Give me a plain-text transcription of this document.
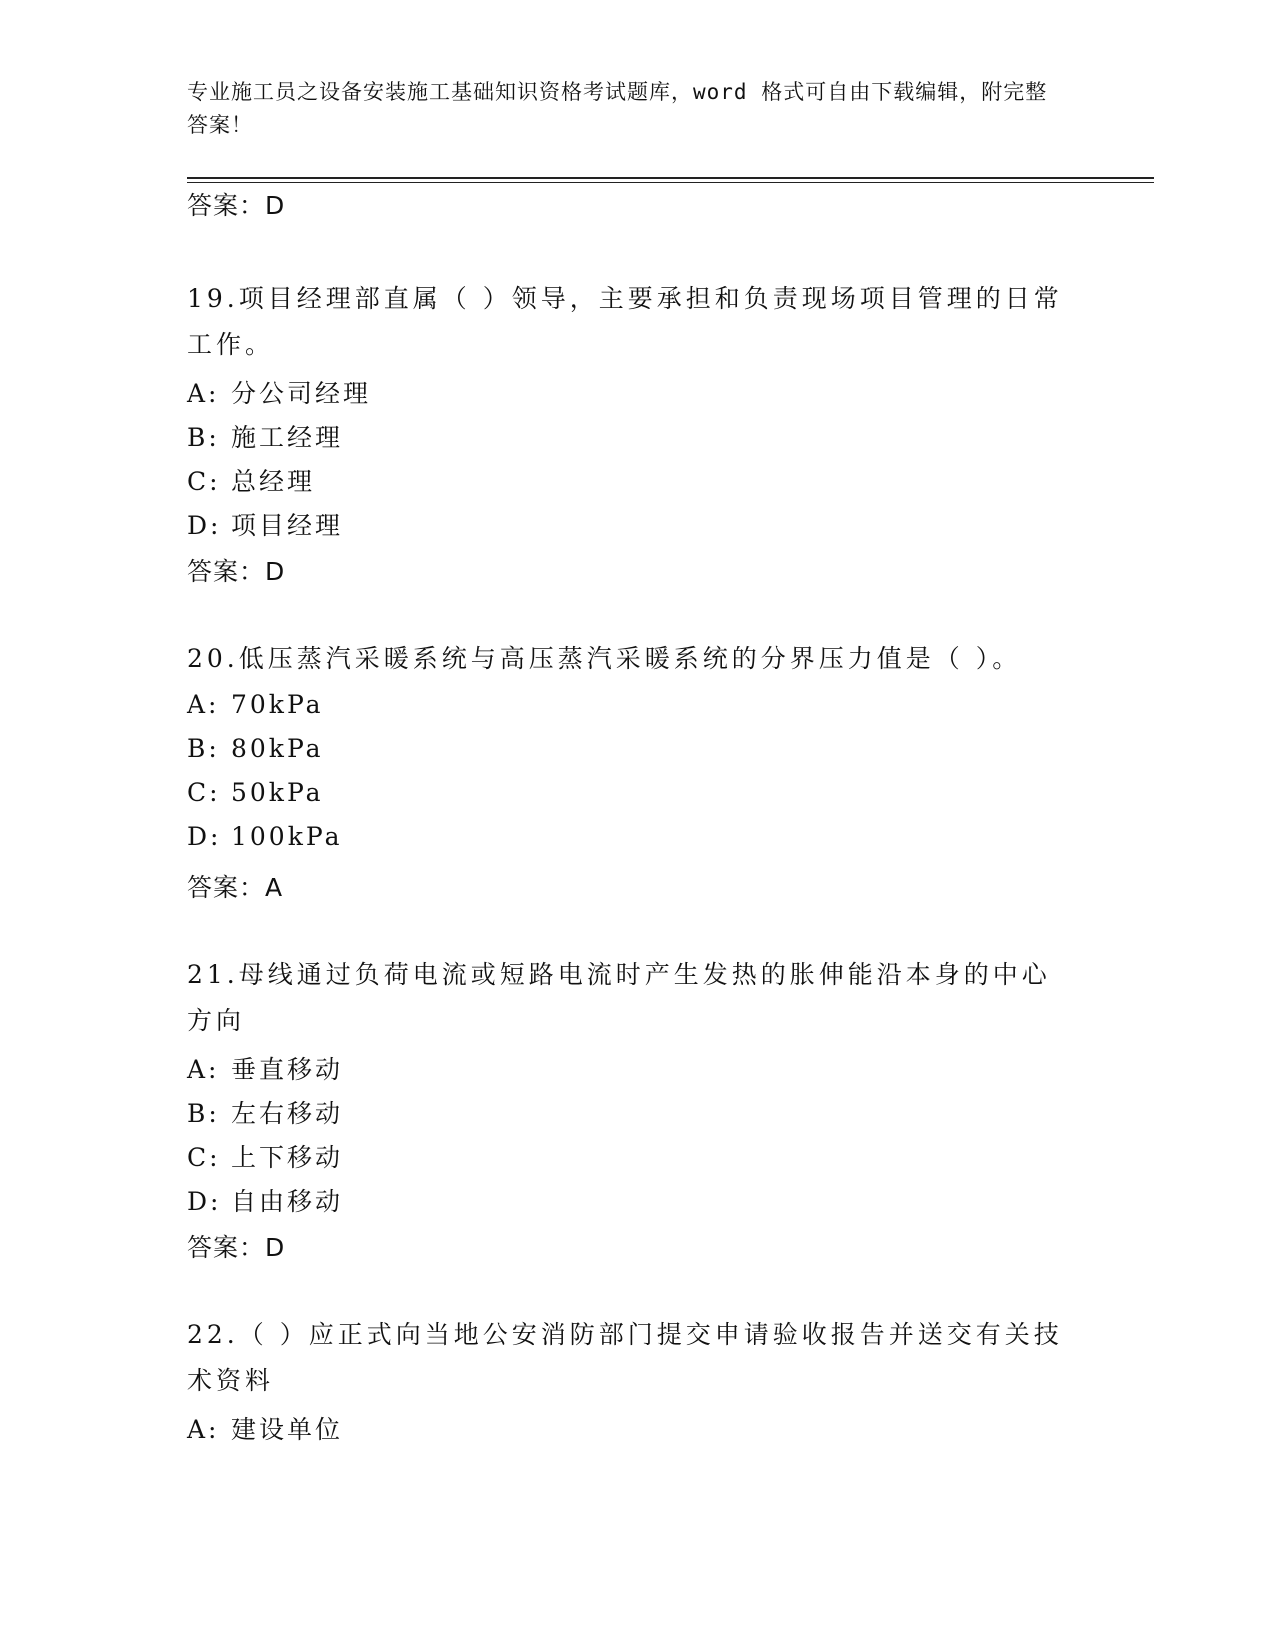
专业施工员之设备安装施工基础知识资格考试题库，word 格式可自由下载编辑，附完整答案！
答案：D
19.项目经理部直属（ ）领导，主要承担和负责现场项目管理的日常工作。
A: 分公司经理
B: 施工经理
C: 总经理
D: 项目经理
答案：D
20.低压蒸汽采暖系统与高压蒸汽采暖系统的分界压力值是（ ）。
A: 70kPa
B: 80kPa
C: 50kPa
D: 100kPa
答案：A
21.母线通过负荷电流或短路电流时产生发热的胀伸能沿本身的中心方向
A: 垂直移动
B: 左右移动
C: 上下移动
D: 自由移动
答案：D
22.（ ）应正式向当地公安消防部门提交申请验收报告并送交有关技术资料
A: 建设单位
